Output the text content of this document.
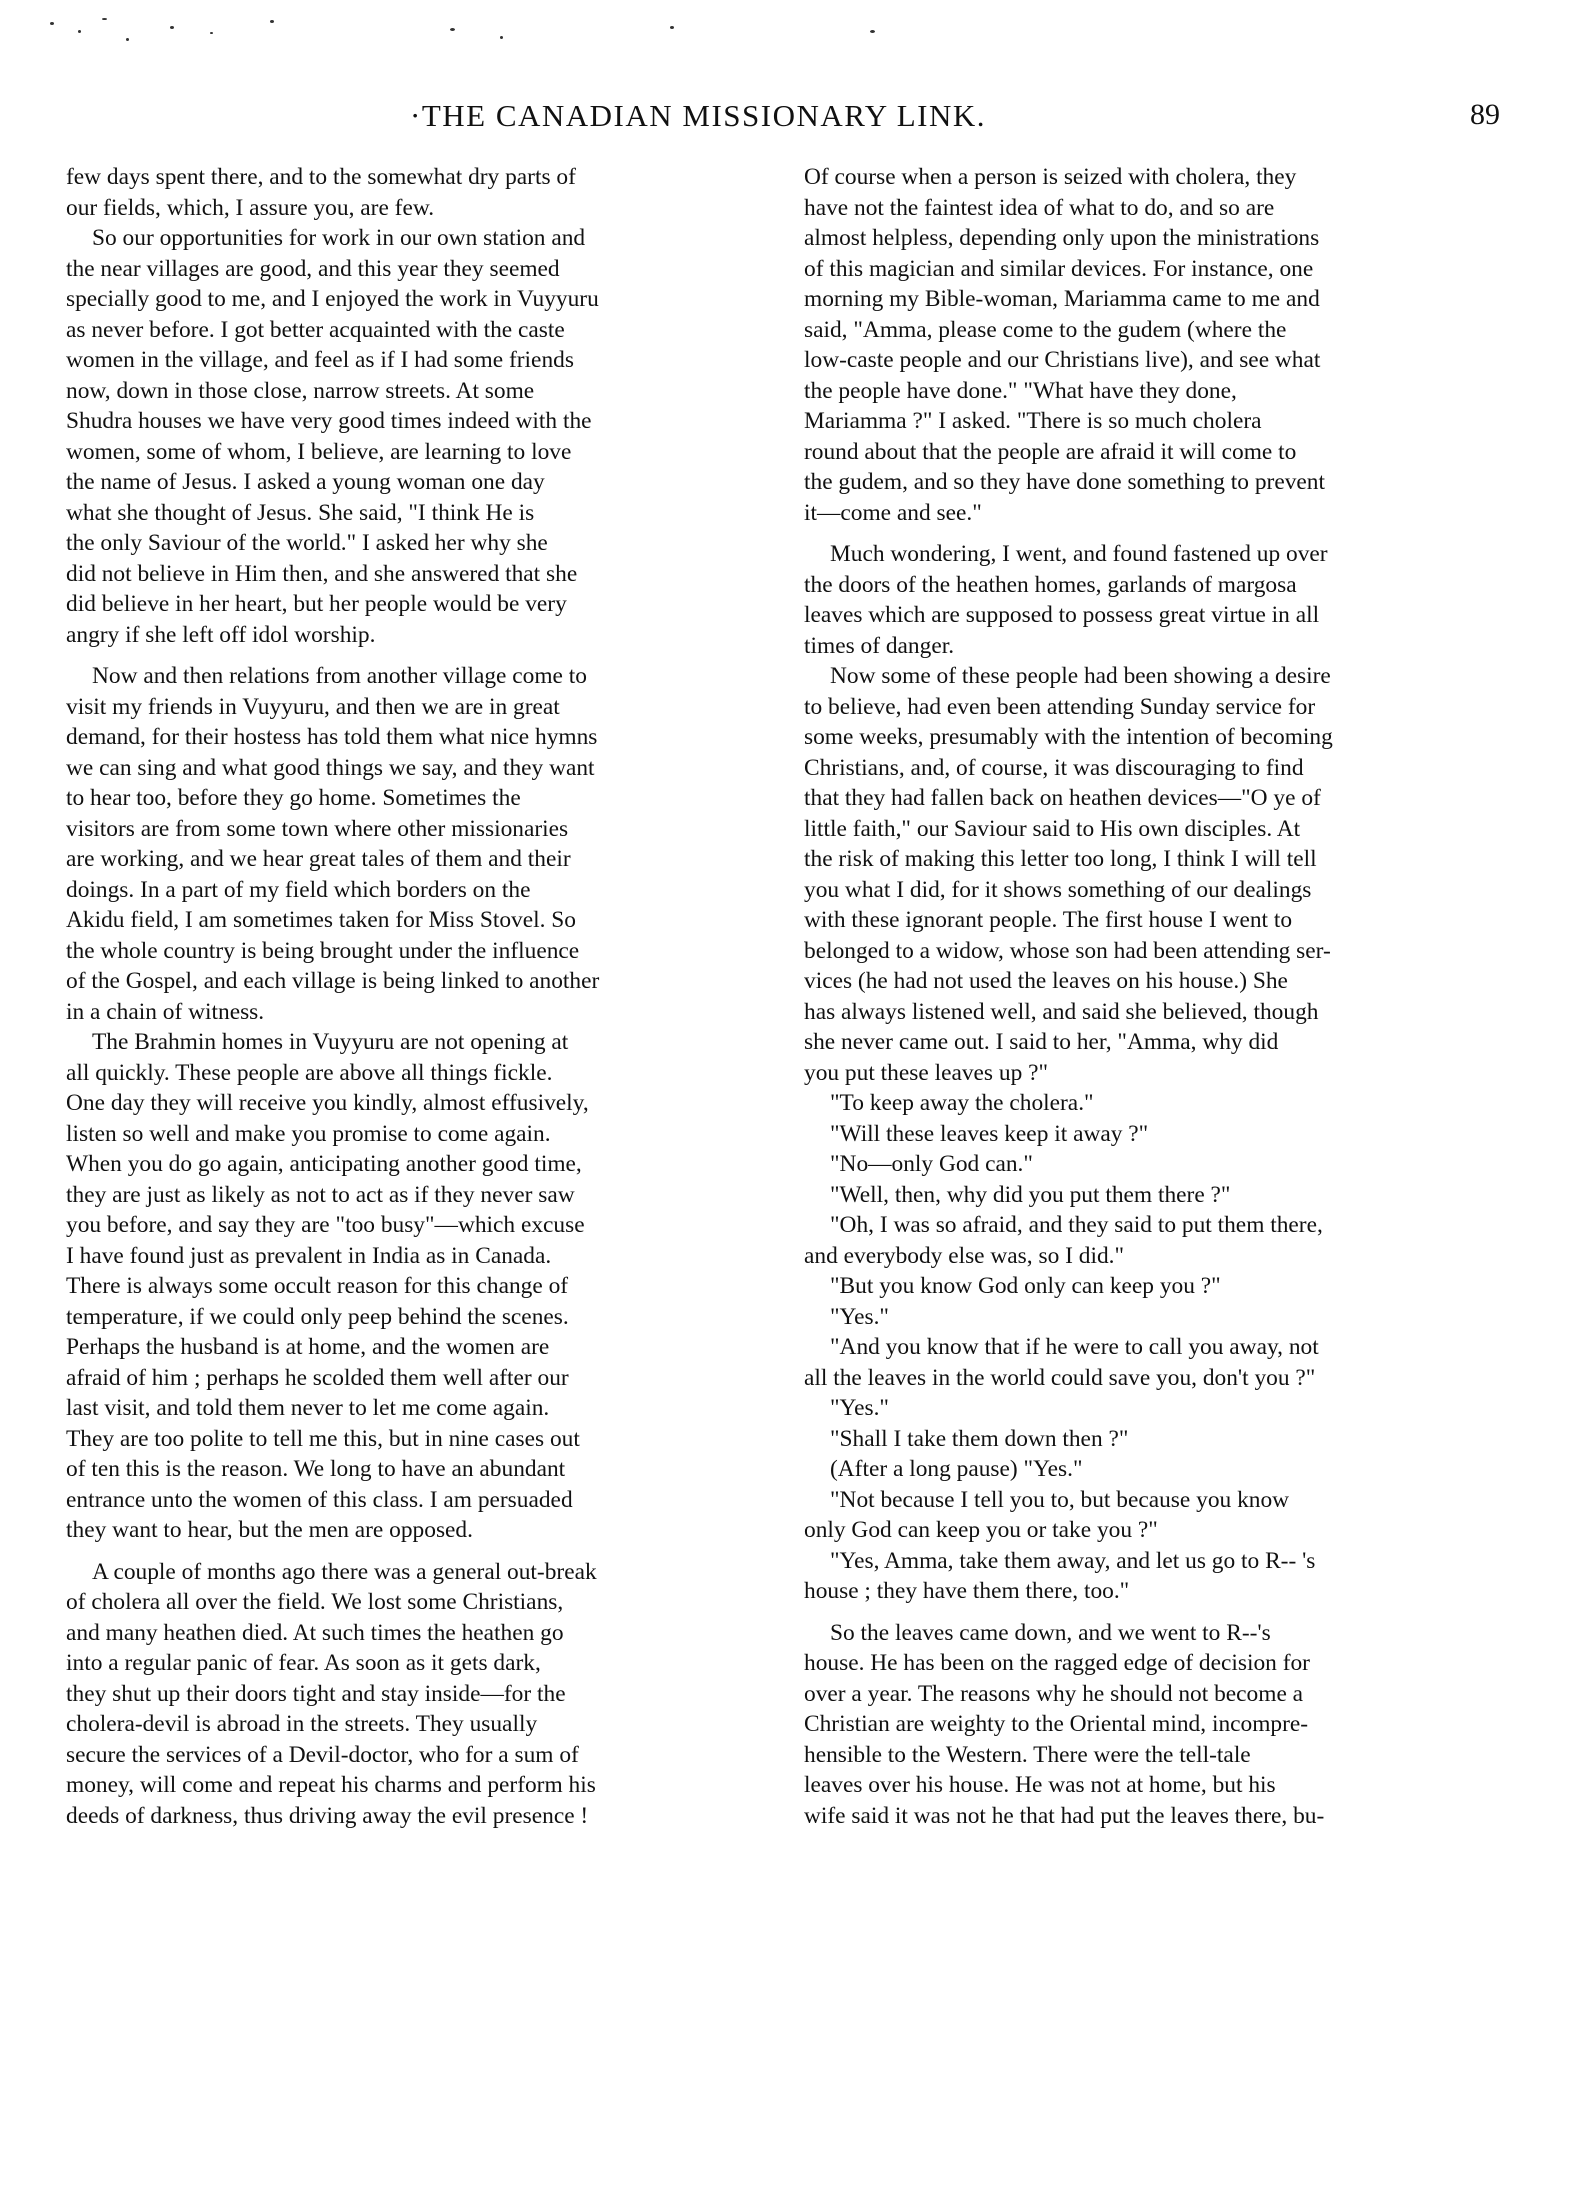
·THE CANADIAN MISSIONARY LINK.	89
few days spent there, and to the somewhat dry parts of
our fields, which, I assure you, are few.
So our opportunities for work in our own station and
the near villages are good, and this year they seemed
specially good to me, and I enjoyed the work in Vuyyuru
as never before. I got better acquainted with the caste
women in the village, and feel as if I had some friends
now, down in those close, narrow streets. At some
Shudra houses we have very good times indeed with the
women, some of whom, I believe, are learning to love
the name of Jesus. I asked a young woman one day
what she thought of Jesus. She said, "I think He is
the only Saviour of the world." I asked her why she
did not believe in Him then, and she answered that she
did believe in her heart, but her people would be very
angry if she left off idol worship.
Now and then relations from another village come to
visit my friends in Vuyyuru, and then we are in great
demand, for their hostess has told them what nice hymns
we can sing and what good things we say, and they want
to hear too, before they go home. Sometimes the
visitors are from some town where other missionaries
are working, and we hear great tales of them and their
doings. In a part of my field which borders on the
Akidu field, I am sometimes taken for Miss Stovel. So
the whole country is being brought under the influence
of the Gospel, and each village is being linked to another
in a chain of witness.
The Brahmin homes in Vuyyuru are not opening at
all quickly. These people are above all things fickle.
One day they will receive you kindly, almost effusively,
listen so well and make you promise to come again.
When you do go again, anticipating another good time,
they are just as likely as not to act as if they never saw
you before, and say they are "too busy"—which excuse
I have found just as prevalent in India as in Canada.
There is always some occult reason for this change of
temperature, if we could only peep behind the scenes.
Perhaps the husband is at home, and the women are
afraid of him ; perhaps he scolded them well after our
last visit, and told them never to let me come again.
They are too polite to tell me this, but in nine cases out
of ten this is the reason. We long to have an abundant
entrance unto the women of this class. I am persuaded
they want to hear, but the men are opposed.
A couple of months ago there was a general out-break
of cholera all over the field. We lost some Christians,
and many heathen died. At such times the heathen go
into a regular panic of fear. As soon as it gets dark,
they shut up their doors tight and stay inside—for the
cholera-devil is abroad in the streets. They usually
secure the services of a Devil-doctor, who for a sum of
money, will come and repeat his charms and perform his
deeds of darkness, thus driving away the evil presence !
Of course when a person is seized with cholera, they
have not the faintest idea of what to do, and so are
almost helpless, depending only upon the ministrations
of this magician and similar devices. For instance, one
morning my Bible-woman, Mariamma came to me and
said, "Amma, please come to the gudem (where the
low-caste people and our Christians live), and see what
the people have done." "What have they done,
Mariamma ?" I asked. "There is so much cholera
round about that the people are afraid it will come to
the gudem, and so they have done something to prevent
it—come and see."
Much wondering, I went, and found fastened up over
the doors of the heathen homes, garlands of margosa
leaves which are supposed to possess great virtue in all
times of danger.
Now some of these people had been showing a desire
to believe, had even been attending Sunday service for
some weeks, presumably with the intention of becoming
Christians, and, of course, it was discouraging to find
that they had fallen back on heathen devices—"O ye of
little faith," our Saviour said to His own disciples. At
the risk of making this letter too long, I think I will tell
you what I did, for it shows something of our dealings
with these ignorant people. The first house I went to
belonged to a widow, whose son had been attending ser-
vices (he had not used the leaves on his house.) She
has always listened well, and said she believed, though
she never came out. I said to her, "Amma, why did
you put these leaves up ?"
"To keep away the cholera."
"Will these leaves keep it away ?"
"No—only God can."
"Well, then, why did you put them there ?"
"Oh, I was so afraid, and they said to put them there,
and everybody else was, so I did."
"But you know God only can keep you ?"
"Yes."
"And you know that if he were to call you away, not
all the leaves in the world could save you, don't you ?"
"Yes."
"Shall I take them down then ?"
(After a long pause) "Yes."
"Not because I tell you to, but because you know
only God can keep you or take you ?"
"Yes, Amma, take them away, and let us go to R-- 's
house ; they have them there, too."
So the leaves came down, and we went to R--'s
house. He has been on the ragged edge of decision for
over a year. The reasons why he should not become a
Christian are weighty to the Oriental mind, incompre-
hensible to the Western. There were the tell-tale
leaves over his house. He was not at home, but his
wife said it was not he that had put the leaves there, bu-
